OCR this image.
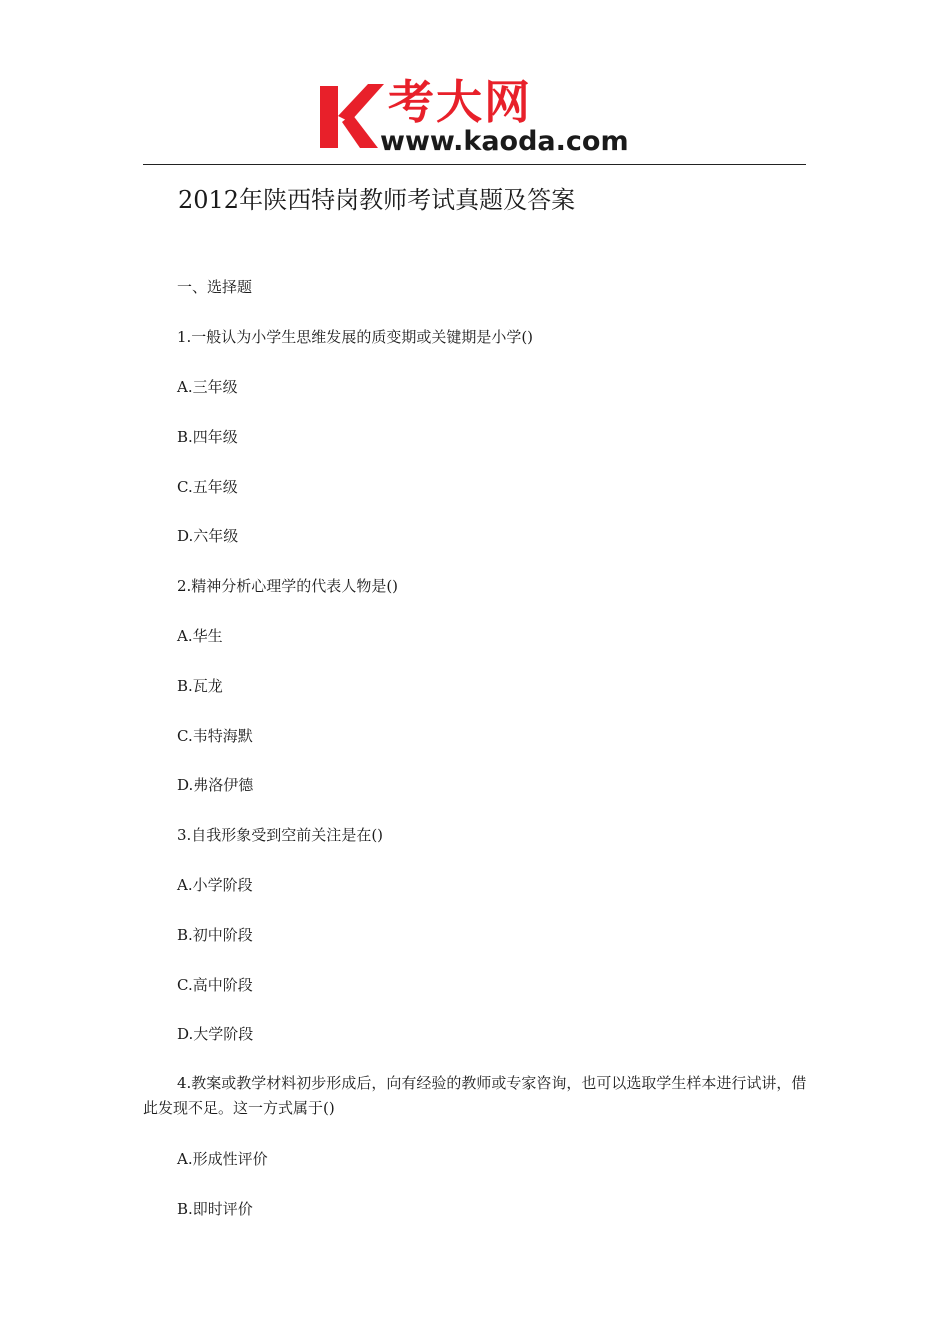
考大网
www.kaoda.com
2012年陕西特岗教师考试真题及答案
一、选择题
1.一般认为小学生思维发展的质变期或关键期是小学()
A.三年级
B.四年级
C.五年级
D.六年级
2.精神分析心理学的代表人物是()
A.华生
B.瓦龙
C.韦特海默
D.弗洛伊德
3.自我形象受到空前关注是在()
A.小学阶段
B.初中阶段
C.高中阶段
D.大学阶段
4.教案或教学材料初步形成后，向有经验的教师或专家咨询，也可以选取学生样本进行试讲，借此发现不足。这一方式属于()
A.形成性评价
B.即时评价
